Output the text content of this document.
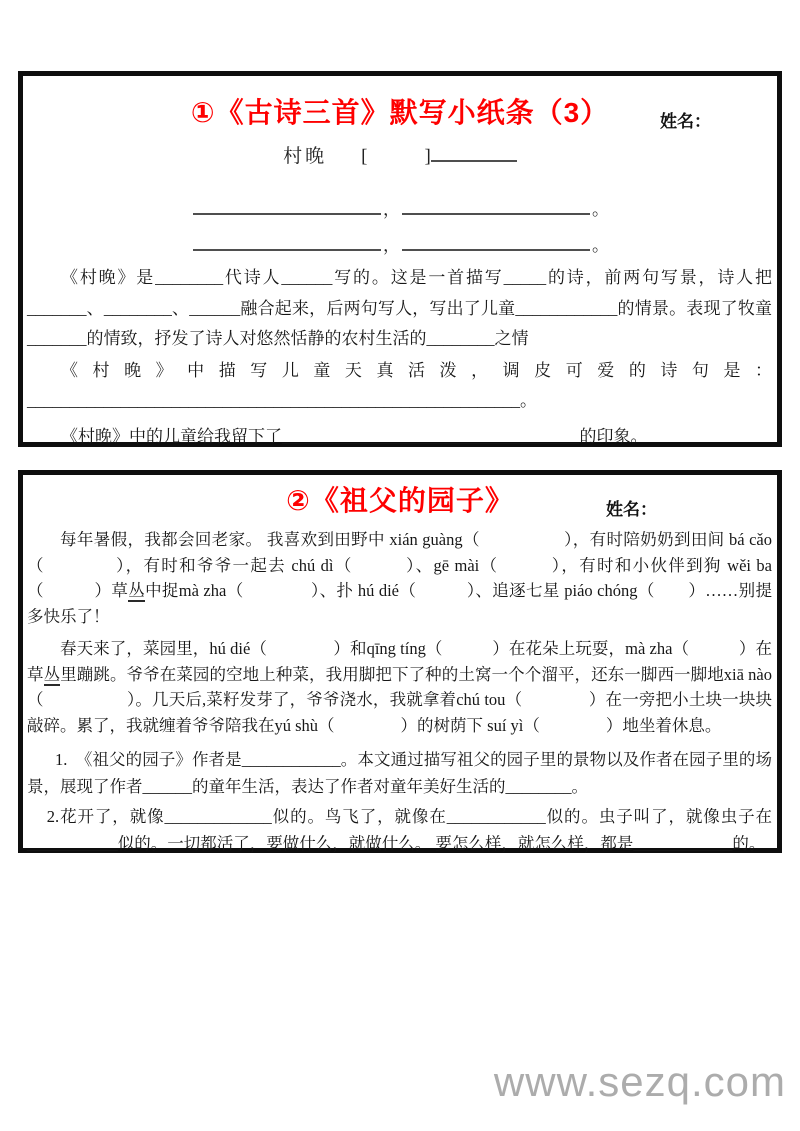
①《古诗三首》默写小纸条（3）	姓名：
村晚 [　　　]
，	。
，	。

《村晚》是________代诗人______写的。这是一首描写_____的诗，前两句写景，诗人把_______、________、______融合起来，后两句写人，写出了儿童____________的情景。表现了牧童_______的情致，抒发了诗人对悠然恬静的农村生活的________之情

《村晚》中描写儿童天真活泼，调皮可爱的诗句是：__________________________________________________________。

《村晚》中的儿童给我留下了___________________________________的印象。

②《祖父的园子》	姓名：

每年暑假，我都会回老家。 我喜欢到田野中 xián guàng（　　　　　），有时陪奶奶到田间 bá cǎo（　　　　），有时和爷爷一起去 chú dì（　　　）、gē mài（　　　），有时和小伙伴到狗 wěi ba（　　　）草丛中捉mà zha（　　　　）、扑 hú dié（　　　）、追逐七星 piáo chóng（　　）……别提多快乐了！

春天来了，菜园里，hú dié（　　　　）和qīng tíng（　　　）在花朵上玩耍，mà zha（　　　）在草丛里蹦跳。爷爷在菜园的空地上种菜，我用脚把下了种的土窝一个个溜平，还东一脚西一脚地xiā nào（　　　　　）。几天后,菜籽发芽了，爷爷浇水，我就拿着chú tou（　　　　）在一旁把小土块一块块敲碎。累了，我就缠着爷爷陪我在yú shù（　　　　）的树荫下 suí yì（　　　　）地坐着休息。

1.　《祖父的园子》作者是____________。本文通过描写祖父的园子里的景物以及作者在园子里的场景，展现了作者______的童年生活，表达了作者对童年美好生活的________。

2.花开了，就像_____________似的。鸟飞了，就像在____________似的。虫子叫了，就像虫子在___________似的。一切都活了，要做什么，就做什么。 要怎么样，就怎么样，都是____________的。

www.sezq.com
